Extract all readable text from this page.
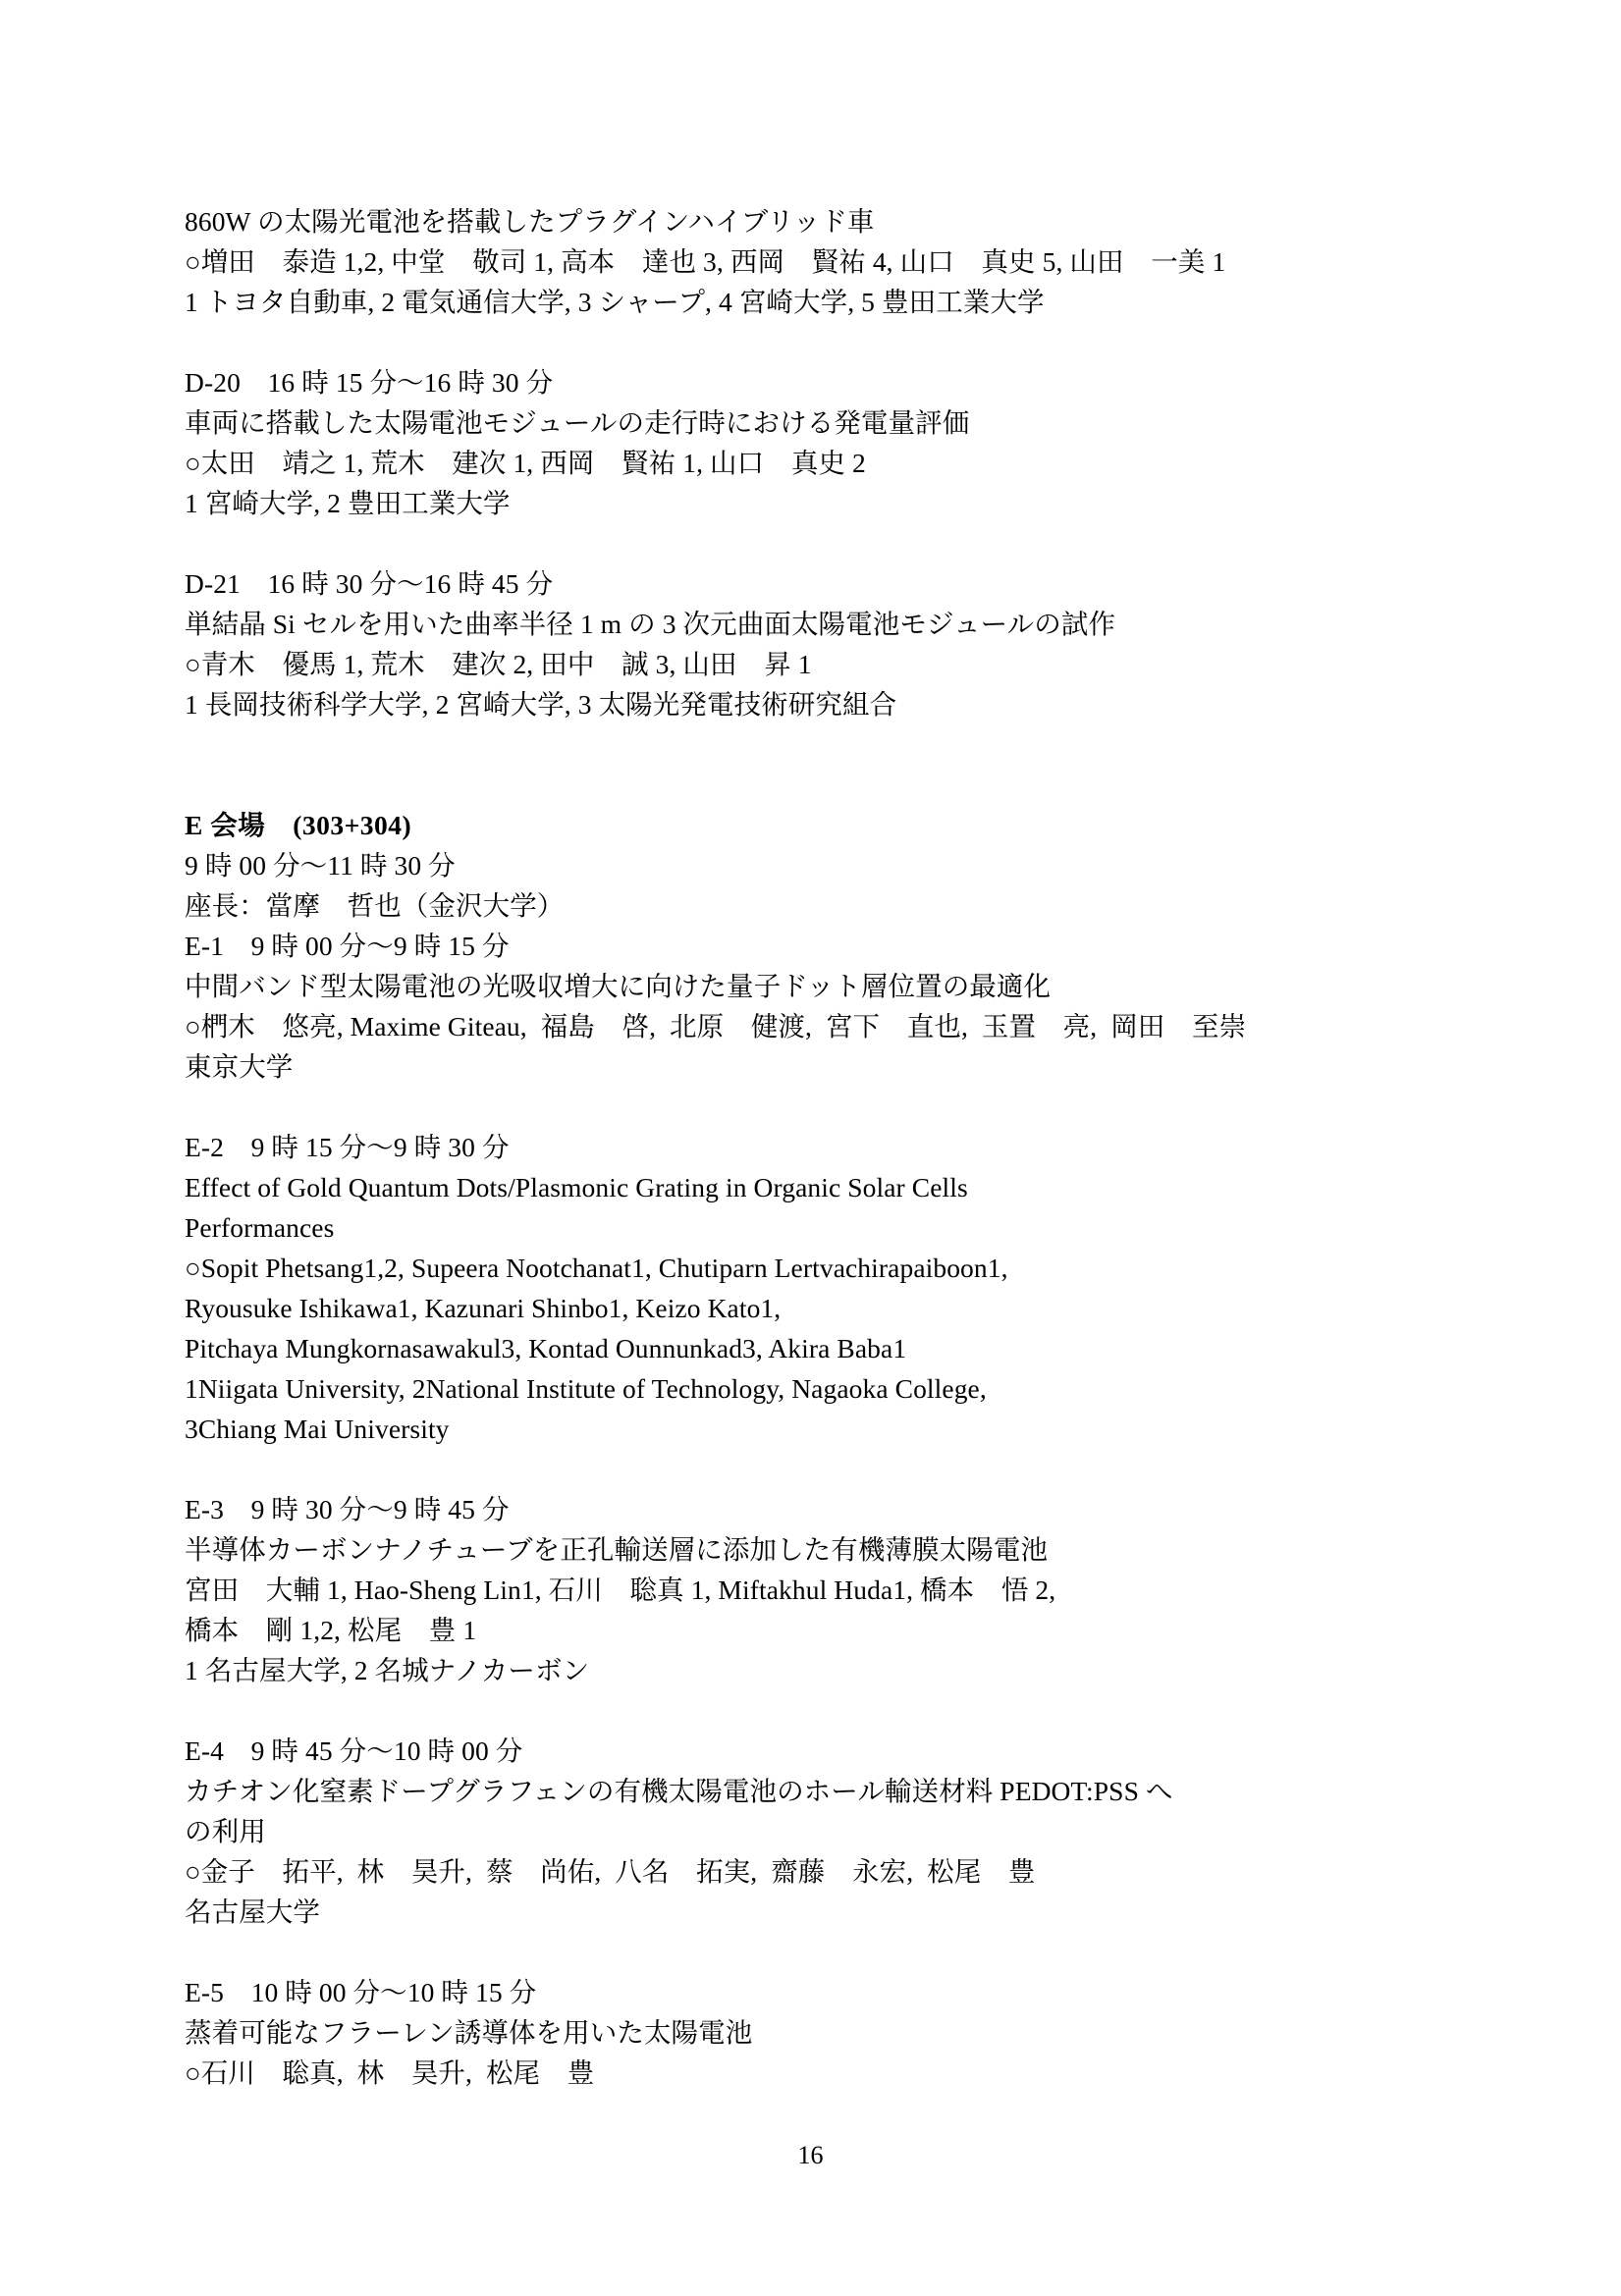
860W の太陽光電池を搭載したプラグインハイブリッド車
○増田　泰造 1,2, 中堂　敬司 1, 高本　達也 3, 西岡　賢祐 4, 山口　真史 5, 山田　一美 1
1 トヨタ自動車, 2 電気通信大学, 3 シャープ, 4 宮崎大学, 5 豊田工業大学
D-20　16 時 15 分〜16 時 30 分
車両に搭載した太陽電池モジュールの走行時における発電量評価
○太田　靖之 1, 荒木　建次 1, 西岡　賢祐 1, 山口　真史 2
1 宮崎大学, 2 豊田工業大学
D-21　16 時 30 分〜16 時 45 分
単結晶 Si セルを用いた曲率半径 1 m の 3 次元曲面太陽電池モジュールの試作
○青木　優馬 1, 荒木　建次 2, 田中　誠 3, 山田　昇 1
1 長岡技術科学大学, 2 宮崎大学, 3 太陽光発電技術研究組合
E 会場　(303+304)
9 時 00 分〜11 時 30 分
座長：當摩　哲也（金沢大学）
E-1　9 時 00 分〜9 時 15 分
中間バンド型太陽電池の光吸収増大に向けた量子ドット層位置の最適化
○椚木　悠亮, Maxime Giteau,  福島　啓,  北原　健渡,  宮下　直也,  玉置　亮,  岡田　至崇
東京大学
E-2　9 時 15 分〜9 時 30 分
Effect of Gold Quantum Dots/Plasmonic Grating in Organic Solar Cells
Performances
○Sopit Phetsang1,2, Supeera Nootchanat1, Chutiparn Lertvachirapaiboon1,
Ryousuke Ishikawa1, Kazunari Shinbo1, Keizo Kato1,
Pitchaya Mungkornasawakul3, Kontad Ounnunkad3, Akira Baba1
1Niigata University, 2National Institute of Technology, Nagaoka College,
3Chiang Mai University
E-3　9 時 30 分〜9 時 45 分
半導体カーボンナノチューブを正孔輸送層に添加した有機薄膜太陽電池
宮田　大輔 1, Hao-Sheng Lin1, 石川　聡真 1, Miftakhul Huda1, 橋本　悟 2,
橋本　剛 1,2, 松尾　豊 1
1 名古屋大学, 2 名城ナノカーボン
E-4　9 時 45 分〜10 時 00 分
カチオン化窒素ドープグラフェンの有機太陽電池のホール輸送材料 PEDOT:PSS へ
の利用
○金子　拓平,  林　昊升,  蔡　尚佑,  八名　拓実,  齋藤　永宏,  松尾　豊
名古屋大学
E-5　10 時 00 分〜10 時 15 分
蒸着可能なフラーレン誘導体を用いた太陽電池
○石川　聡真,  林　昊升,  松尾　豊
16
